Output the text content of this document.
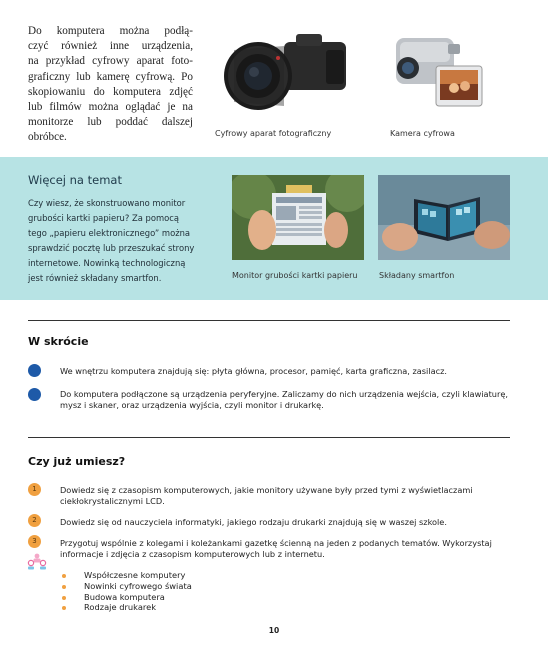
Do komputera można podłą-
czyć również inne urządzenia,
na przykład cyfrowy aparat foto-
graficzny lub kamerę cyfrową. Po
skopiowaniu do komputera zdjęć
lub filmów można oglądać je na
monitorze lub poddać dalszej
obróbce.	Cyfrowy aparat fotograficzny	Kamera cyfrowa
Więcej na temat
Czy wiesz, że skonstruowano monitor
grubości kartki papieru? Za pomocą
tego „papieru elektronicznego” można
sprawdzić pocztę lub przeszukać strony
internetowe. Nowinką technologiczną
jest również składany smartfon.	Monitor grubości kartki papieru	Składany smartfon
W skrócie
We wnętrzu komputera znajdują się: płyta główna, procesor, pamięć, karta graficzna, zasilacz.
Do komputera podłączone są urządzenia peryferyjne. Zaliczamy do nich urządzenia wejścia, czyli klawiaturę, mysz i skaner, oraz urządzenia wyjścia, czyli monitor i drukarkę.
Czy już umiesz?
1	Dowiedz się z czasopism komputerowych, jakie monitory używane były przed tymi z wyświetlaczami ciekłokrystalicznymi LCD.
2	Dowiedz się od nauczyciela informatyki, jakiego rodzaju drukarki znajdują się w waszej szkole.
3	Przygotuj wspólnie z kolegami i koleżankami gazetkę ścienną na jeden z podanych tematów. Wykorzystaj informacje i zdjęcia z czasopism komputerowych lub z internetu.
Współczesne komputery
Nowinki cyfrowego świata
Budowa komputera
Rodzaje drukarek
10
